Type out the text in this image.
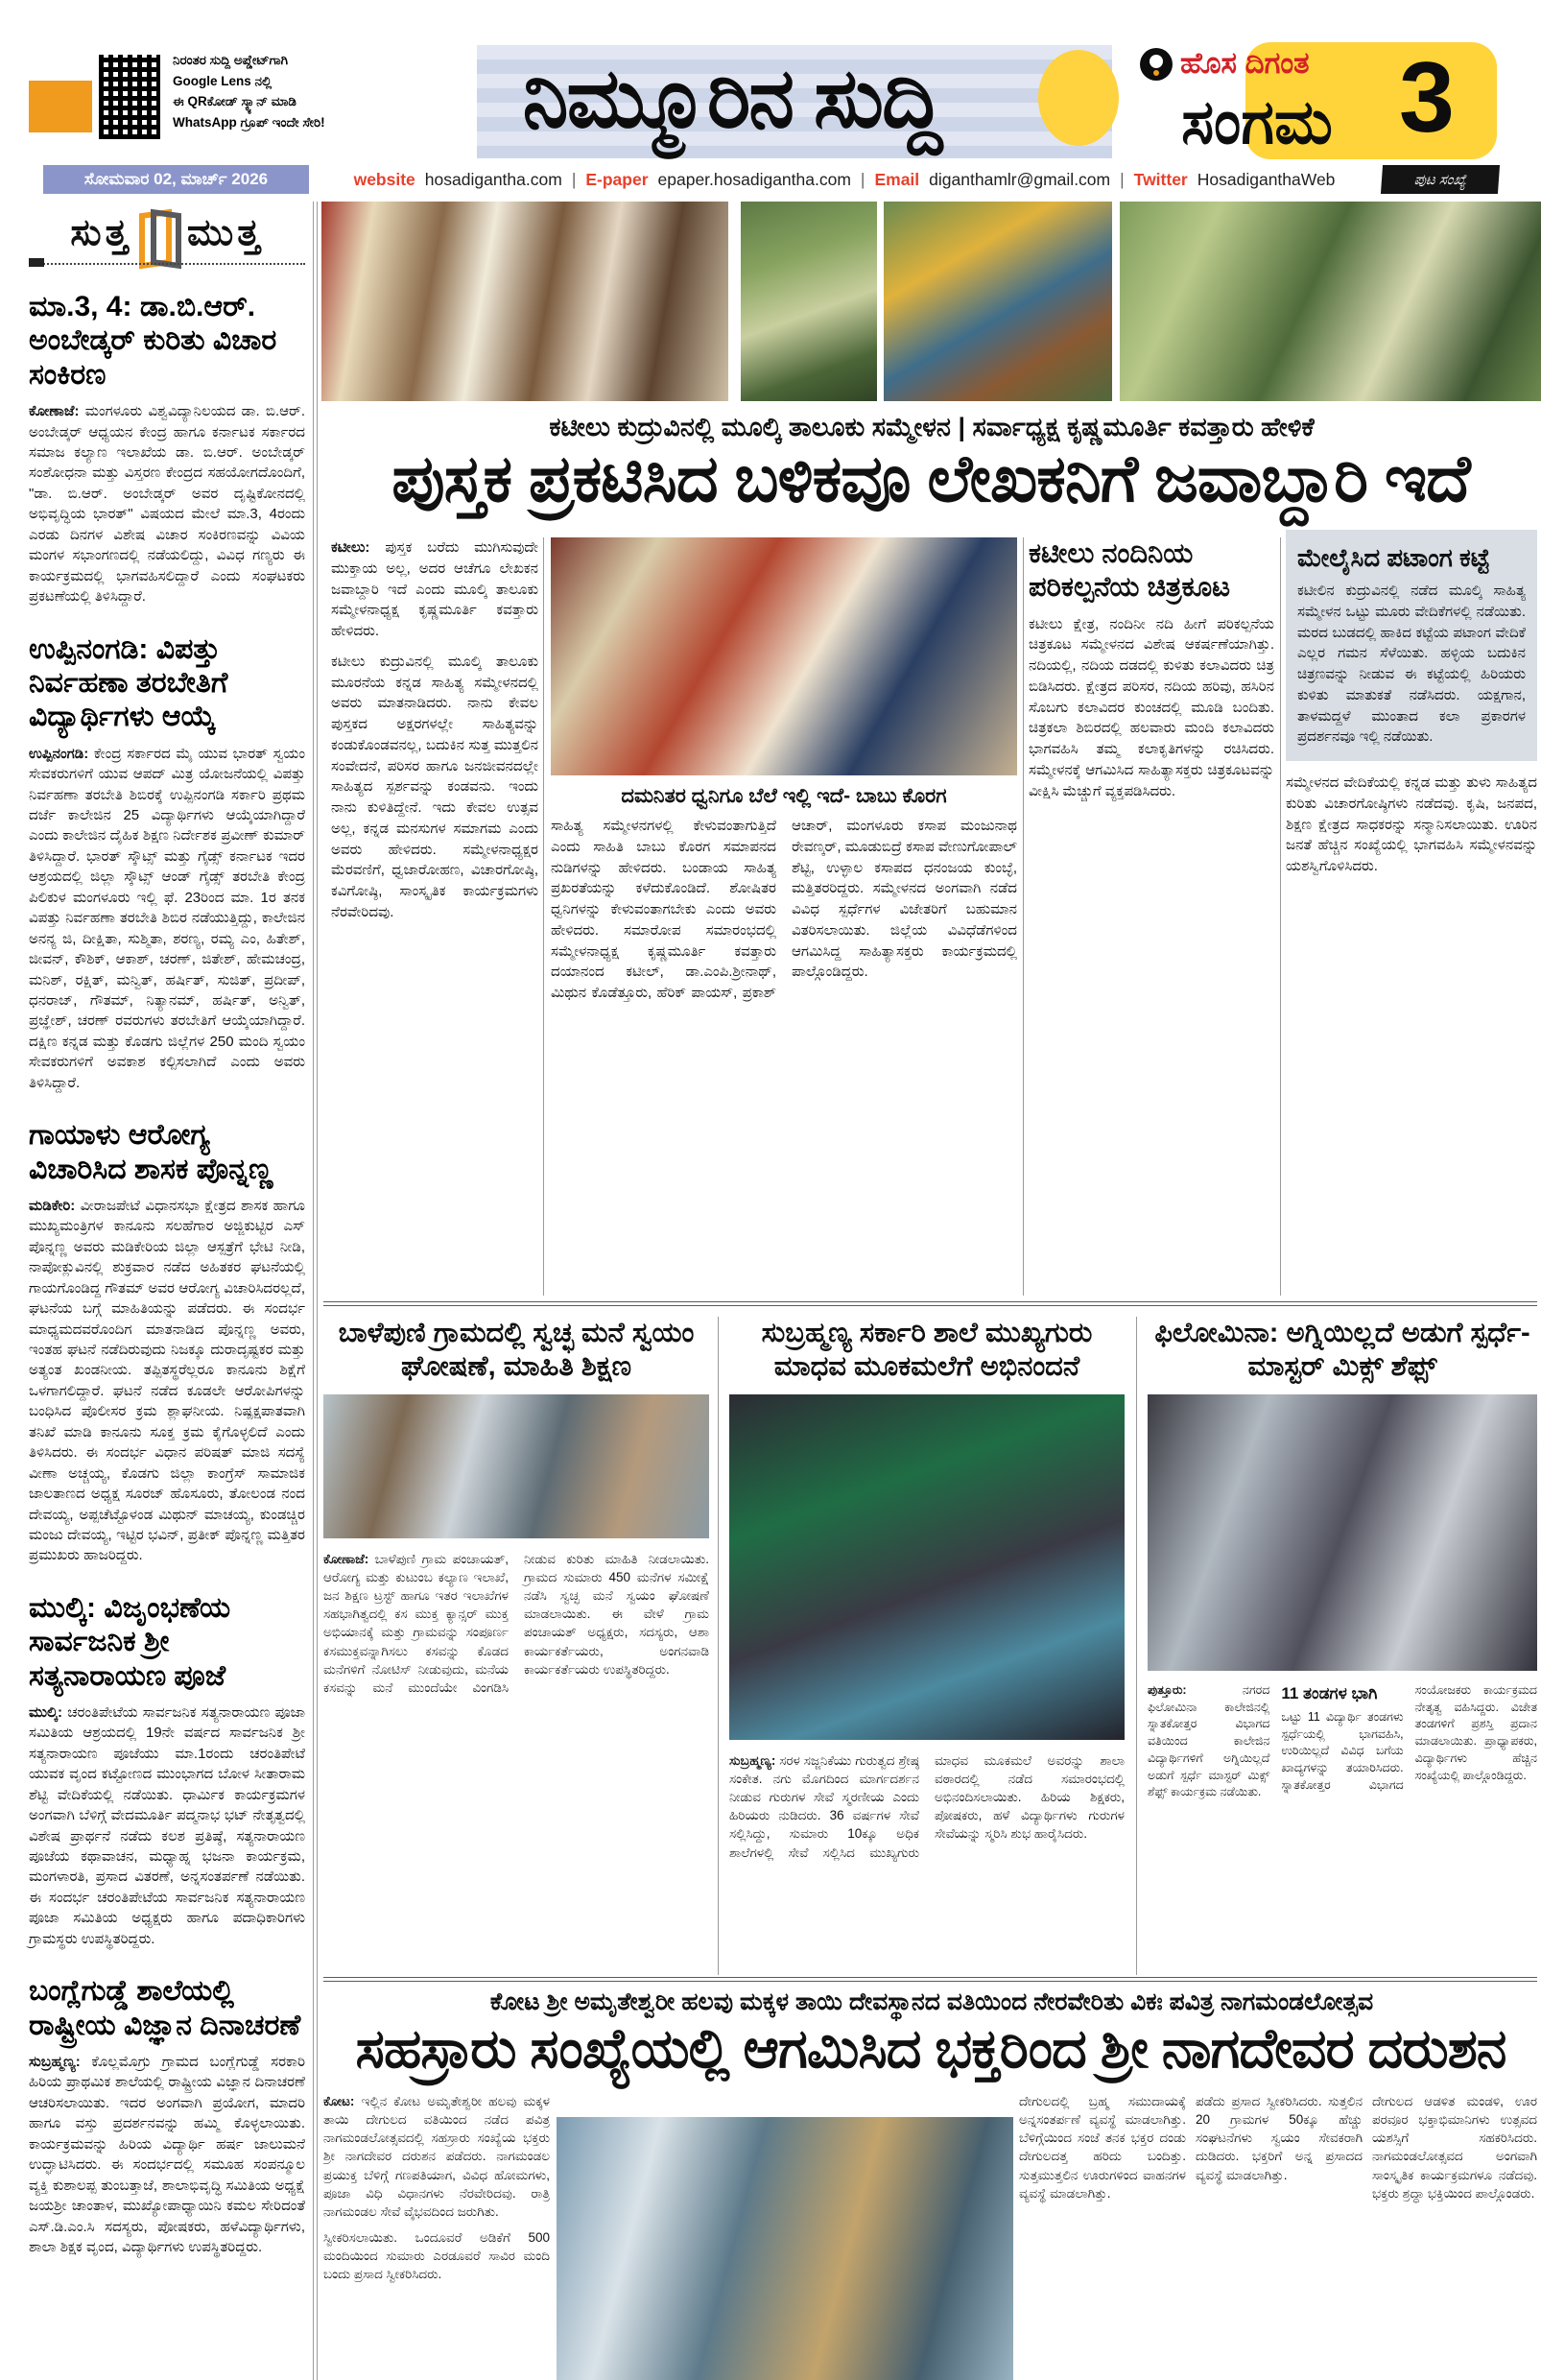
ನಿರಂತರ ಸುದ್ದಿ ಅಪ್ಡೇಟ್‌ಗಾಗಿ
Google Lens ನಲ್ಲಿ
ಈ QRಕೋಡ್ ಸ್ಕ್ಯಾನ್ ಮಾಡಿ
WhatsApp ಗ್ರೂಪ್ ಇಂದೇ ಸೇರಿ!	ನಿಮ್ಮೂರಿನ ಸುದ್ದಿ	ಹೊಸ ದಿಗಂತ
ಸಂಗಮ 3
ಸೋಮವಾರ 02, ಮಾರ್ಚ್ 2026	website hosadigantha.com | E-paper epaper.hosadigantha.com | Email diganthamlr@gmail.com | Twitter HosadiganthaWeb	ಪುಟ ಸಂಖ್ಯೆ
ಸುತ್ತ ಮುತ್ತ
ಮಾ.3, 4: ಡಾ.ಬಿ.ಆರ್. ಅಂಬೇಡ್ಕರ್ ಕುರಿತು ವಿಚಾರ ಸಂಕಿರಣ
ಕೋಣಾಜೆ: ಮಂಗಳೂರು ವಿಶ್ವವಿದ್ಯಾನಿಲಯದ ಡಾ. ಬಿ.ಆರ್. ಅಂಬೇಡ್ಕರ್ ಆಧ್ಯಯನ ಕೇಂದ್ರ ಹಾಗೂ ಕರ್ನಾಟಕ ಸರ್ಕಾರದ ಸಮಾಜ ಕಲ್ಯಾಣ ಇಲಾಖೆಯ ಡಾ. ಬಿ.ಆರ್. ಅಂಬೇಡ್ಕರ್ ಸಂಶೋಧನಾ ಮತ್ತು ವಿಸ್ತರಣ ಕೇಂದ್ರದ ಸಹಯೋಗದೊಂದಿಗೆ, "ಡಾ. ಬಿ.ಆರ್. ಅಂಬೇಡ್ಕರ್ ಅವರ ದೃಷ್ಟಿಕೋನದಲ್ಲಿ ಅಭಿವೃದ್ಧಿಯ ಭಾರತ್" ವಿಷಯದ ಮೇಲೆ ಮಾ.3, 4ರಂದು ಎರಡು ದಿನಗಳ ವಿಶೇಷ ವಿಚಾರ ಸಂಕಿರಣವನ್ನು ವಿವಿಯ ಮಂಗಳ ಸಭಾಂಗಣದಲ್ಲಿ ನಡೆಯಲಿದ್ದು, ವಿವಿಧ ಗಣ್ಯರು ಈ ಕಾರ್ಯಕ್ರಮದಲ್ಲಿ ಭಾಗವಹಿಸಲಿದ್ದಾರೆ ಎಂದು ಸಂಘಟಕರು ಪ್ರಕಟಣೆಯಲ್ಲಿ ತಿಳಿಸಿದ್ದಾರೆ.
ಉಪ್ಪಿನಂಗಡಿ: ವಿಪತ್ತು ನಿರ್ವಹಣಾ ತರಬೇತಿಗೆ ವಿದ್ಯಾರ್ಥಿಗಳು ಆಯ್ಕೆ
ಉಪ್ಪಿನಂಗಡಿ: ಕೇಂದ್ರ ಸರ್ಕಾರದ ಮೈ ಯುವ ಭಾರತ್ ಸ್ವಯಂ ಸೇವಕರುಗಳಿಗೆ ಯುವ ಆಪದ್ ಮಿತ್ರ ಯೋಜನೆಯಲ್ಲಿ ವಿಪತ್ತು ನಿರ್ವಹಣಾ ತರಬೇತಿ ಶಿಬಿರಕ್ಕೆ ಉಪ್ಪಿನಂಗಡಿ ಸರ್ಕಾರಿ ಪ್ರಥಮ ದರ್ಜೆ ಕಾಲೇಜಿನ 25 ವಿದ್ಯಾರ್ಥಿಗಳು ಆಯ್ಕೆಯಾಗಿದ್ದಾರೆ ಎಂದು ಕಾಲೇಜಿನ ದೈಹಿಕ ಶಿಕ್ಷಣ ನಿರ್ದೇಶಕ ಪ್ರವೀಣ್ ಕುಮಾರ್ ತಿಳಿಸಿದ್ದಾರೆ. ಭಾರತ್ ಸ್ಕೌಟ್ಸ್ ಮತ್ತು ಗೈಡ್ಸ್ ಕರ್ನಾಟಕ ಇದರ ಆಶ್ರಯದಲ್ಲಿ ಜಿಲ್ಲಾ ಸ್ಕೌಟ್ಸ್ ಆಂಡ್ ಗೈಡ್ಸ್ ತರಬೇತಿ ಕೇಂದ್ರ ಪಿಲಿಕುಳ ಮಂಗಳೂರು ಇಲ್ಲಿ ಫೆ. 23ರಿಂದ ಮಾ. 1ರ ತನಕ ವಿಪತ್ತು ನಿರ್ವಹಣಾ ತರಬೇತಿ ಶಿಬಿರ ನಡೆಯುತ್ತಿದ್ದು, ಕಾಲೇಜಿನ ಅನನ್ಯ ಜಿ, ದೀಕ್ಷಿತಾ, ಸುಶ್ಮಿತಾ, ಶರಣ್ಯ, ರಮ್ಯ ಎಂ, ಹಿತೇಶ್, ಜೀವನ್, ಕೌಶಿಕ್, ಆಕಾಶ್, ಚರಣ್, ಜಿತೇಶ್, ಹೇಮಚಂದ್ರ, ಮನಿಶ್, ರಕ್ಷಿತ್, ಮನ್ವಿತ್, ಹರ್ಷಿತ್, ಸುಜಿತ್, ಪ್ರದೀಪ್, ಧನರಾಜ್, ಗೌತಮ್, ನಿತ್ಯಾನಮ್, ಹರ್ಷಿತ್, ಅನ್ವಿತ್, ಪ್ರಜ್ಞೇಶ್, ಚರಣ್ ರವರುಗಳು ತರಬೇತಿಗೆ ಆಯ್ಕೆಯಾಗಿದ್ದಾರೆ. ದಕ್ಷಿಣ ಕನ್ನಡ ಮತ್ತು ಕೊಡಗು ಜಿಲ್ಲೆಗಳ 250 ಮಂದಿ ಸ್ವಯಂ ಸೇವಕರುಗಳಿಗೆ ಅವಕಾಶ ಕಲ್ಪಿಸಲಾಗಿದೆ ಎಂದು ಅವರು ತಿಳಿಸಿದ್ದಾರೆ.
ಗಾಯಾಳು ಆರೋಗ್ಯ ವಿಚಾರಿಸಿದ ಶಾಸಕ ಪೊನ್ನಣ್ಣ
ಮಡಿಕೇರಿ: ವೀರಾಜಪೇಟೆ ವಿಧಾನಸಭಾ ಕ್ಷೇತ್ರದ ಶಾಸಕ ಹಾಗೂ ಮುಖ್ಯಮಂತ್ರಿಗಳ ಕಾನೂನು ಸಲಹೆಗಾರ ಅಜ್ಜಿಕುಟ್ಟಿರ ಎಸ್ ಪೊನ್ನಣ್ಣ ಅವರು ಮಡಿಕೇರಿಯ ಜಿಲ್ಲಾ ಆಸ್ಪತ್ರೆಗೆ ಭೇಟಿ ನೀಡಿ, ನಾಪೋಕ್ಲುವಿನಲ್ಲಿ ಶುಕ್ರವಾರ ನಡೆದ ಅಹಿತಕರ ಘಟನೆಯಲ್ಲಿ ಗಾಯಗೊಂಡಿದ್ದ ಗೌತಮ್ ಅವರ ಆರೋಗ್ಯ ವಿಚಾರಿಸಿದರಲ್ಲದೆ, ಘಟನೆಯ ಬಗ್ಗೆ ಮಾಹಿತಿಯನ್ನು ಪಡೆದರು. ಈ ಸಂದರ್ಭ ಮಾಧ್ಯಮದವರೊಂದಿಗ ಮಾತನಾಡಿದ ಪೊನ್ನಣ್ಣ ಅವರು, ಇಂತಹ ಘಟನೆ ನಡೆದಿರುವುದು ನಿಜಕ್ಕೂ ದುರಾದೃಷ್ಟಕರ ಮತ್ತು ಅತ್ಯಂತ ಖಂಡನೀಯ. ತಪ್ಪಿತಸ್ಥರೆಲ್ಲರೂ ಕಾನೂನು ಶಿಕ್ಷೆಗೆ ಒಳಗಾಗಲಿದ್ದಾರೆ. ಘಟನೆ ನಡೆದ ಕೂಡಲೇ ಆರೋಪಿಗಳನ್ನು ಬಂಧಿಸಿದ ಪೊಲೀಸರ ಕ್ರಮ ಶ್ಲಾಘನೀಯ. ನಿಷ್ಪಕ್ಷಪಾತವಾಗಿ ತನಿಖೆ ಮಾಡಿ ಕಾನೂನು ಸೂಕ್ತ ಕ್ರಮ ಕೈಗೊಳ್ಳಲಿದೆ ಎಂದು ತಿಳಿಸಿದರು. ಈ ಸಂದರ್ಭ ವಿಧಾನ ಪರಿಷತ್ ಮಾಜಿ ಸದಸ್ಯೆ ವೀಣಾ ಅಚ್ಚಯ್ಯ, ಕೊಡಗು ಜಿಲ್ಲಾ ಕಾಂಗ್ರೆಸ್ ಸಾಮಾಜಿಕ ಜಾಲತಾಣದ ಅಧ್ಯಕ್ಷ ಸೂರಜ್ ಹೊಸೂರು, ತೋಲಂಡ ನಂದ ದೇವಯ್ಯ, ಅಪ್ಪಚೆಟ್ಟೊಳಂಡ ಮಿಥುನ್ ಮಾಚಯ್ಯ, ಕುಂಡಚ್ಚಿರ ಮಂಜು ದೇವಯ್ಯ, ಇಟ್ಟಿರ ಭವಿನ್, ಪ್ರತೀಕ್ ಪೊನ್ನಣ್ಣ ಮತ್ತಿತರ ಪ್ರಮುಖರು ಹಾಜರಿದ್ದರು.
ಮುಲ್ಕಿ: ವಿಜೃಂಭಣೆಯ ಸಾರ್ವಜನಿಕ ಶ್ರೀ ಸತ್ಯನಾರಾಯಣ ಪೂಜೆ
ಮುಲ್ಕಿ: ಚರಂತಿಪೇಟೆಯ ಸಾರ್ವಜನಿಕ ಸತ್ಯನಾರಾಯಣ ಪೂಜಾ ಸಮಿತಿಯ ಆಶ್ರಯದಲ್ಲಿ 19ನೇ ವರ್ಷದ ಸಾರ್ವಜನಿಕ ಶ್ರೀ ಸತ್ಯನಾರಾಯಣ ಪೂಜೆಯು ಮಾ.1ರಂದು ಚರಂತಿಪೇಟೆ ಯುವಕ ವೃಂದ ಕಟ್ಟೋಣದ ಮುಂಭಾಗದ ಬೋಳ ಸೀತಾರಾಮ ಶೆಟ್ಟಿ ವೇದಿಕೆಯಲ್ಲಿ ನಡೆಯಿತು. ಧಾರ್ಮಿಕ ಕಾರ್ಯಕ್ರಮಗಳ ಅಂಗವಾಗಿ ಬೆಳಿಗ್ಗೆ ವೇದಮೂರ್ತಿ ಪದ್ಮನಾಭ ಭಟ್ ನೇತೃತ್ವದಲ್ಲಿ ವಿಶೇಷ ಪ್ರಾರ್ಥನೆ ನಡೆದು ಕಲಶ ಪ್ರತಿಷ್ಠೆ, ಸತ್ಯನಾರಾಯಣ ಪೂಜೆಯ ಕಥಾವಾಚನ, ಮಧ್ಯಾಹ್ನ ಭಜನಾ ಕಾರ್ಯಕ್ರಮ, ಮಂಗಳಾರತಿ, ಪ್ರಸಾದ ವಿತರಣೆ, ಅನ್ನಸಂತರ್ಪಣೆ ನಡೆಯಿತು. ಈ ಸಂದರ್ಭ ಚರಂತಿಪೇಟೆಯ ಸಾರ್ವಜನಿಕ ಸತ್ಯನಾರಾಯಣ ಪೂಜಾ ಸಮಿತಿಯ ಅಧ್ಯಕ್ಷರು ಹಾಗೂ ಪದಾಧಿಕಾರಿಗಳು ಗ್ರಾಮಸ್ಥರು ಉಪಸ್ಥಿತರಿದ್ದರು.
ಬಂಗ್ಲೆಗುಡ್ಡೆ ಶಾಲೆಯಲ್ಲಿ ರಾಷ್ಟ್ರೀಯ ವಿಜ್ಞಾನ ದಿನಾಚರಣೆ
ಸುಬ್ರಹ್ಮಣ್ಯ: ಕೊಲ್ಲಮೊಗ್ರು ಗ್ರಾಮದ ಬಂಗ್ಲೆಗುಡ್ಡೆ ಸರಕಾರಿ ಹಿರಿಯ ಪ್ರಾಥಮಿಕ ಶಾಲೆಯಲ್ಲಿ ರಾಷ್ಟ್ರೀಯ ವಿಜ್ಞಾನ ದಿನಾಚರಣೆ ಆಚರಿಸಲಾಯಿತು. ಇದರ ಅಂಗವಾಗಿ ಪ್ರಯೋಗ, ಮಾದರಿ ಹಾಗೂ ವಸ್ತು ಪ್ರದರ್ಶನವನ್ನು ಹಮ್ಮಿ ಕೊಳ್ಳಲಾಯಿತು. ಕಾರ್ಯಕ್ರಮವನ್ನು ಹಿರಿಯ ವಿದ್ಯಾರ್ಥಿ ಹರ್ಷ ಜಾಲುಮನೆ ಉದ್ಘಾಟಿಸಿದರು. ಈ ಸಂದರ್ಭದಲ್ಲಿ ಸಮೂಹ ಸಂಪನ್ಮೂಲ ವ್ಯಕ್ತಿ ಕುಶಾಲಪ್ಪ ತುಂಬತ್ತಾಜೆ, ಶಾಲಾಭಿವೃದ್ಧಿ ಸಮಿತಿಯ ಅಧ್ಯಕ್ಷೆ ಜಯಶ್ರೀ ಚಾಂತಾಳ, ಮುಖ್ಯೋಪಾಧ್ಯಾಯಿನಿ ಕಮಲ ಸೇರಿದಂತೆ ಎಸ್.ಡಿ.ಎಂ.ಸಿ ಸದಸ್ಯರು, ಪೋಷಕರು, ಹಳೆವಿದ್ಯಾರ್ಥಿಗಳು, ಶಾಲಾ ಶಿಕ್ಷಕ ವೃಂದ, ವಿದ್ಯಾರ್ಥಿಗಳು ಉಪಸ್ಥಿತರಿದ್ದರು.
ಕಟೀಲು ಕುದ್ರುವಿನಲ್ಲಿ ಮೂಲ್ಕಿ ತಾಲೂಕು ಸಮ್ಮೇಳನ | ಸರ್ವಾಧ್ಯಕ್ಷ ಕೃಷ್ಣಮೂರ್ತಿ ಕವತ್ತಾರು ಹೇಳಿಕೆ
ಪುಸ್ತಕ ಪ್ರಕಟಿಸಿದ ಬಳಿಕವೂ ಲೇಖಕನಿಗೆ ಜವಾಬ್ದಾರಿ ಇದೆ
ಕಟೀಲು: ಪುಸ್ತಕ ಬರೆದು ಮುಗಿಸುವುದೇ ಮುಕ್ತಾಯ ಅಲ್ಲ, ಅದರ ಆಚೆಗೂ ಲೇಖಕನ ಜವಾಬ್ದಾರಿ ಇದೆ ಎಂದು ಮೂಲ್ಕಿ ತಾಲೂಕು ಸಮ್ಮೇಳನಾಧ್ಯಕ್ಷ ಕೃಷ್ಣಮೂರ್ತಿ ಕವತ್ತಾರು ಹೇಳಿದರು.
ಕಟೀಲು ಕುದ್ರುವಿನಲ್ಲಿ ಮೂಲ್ಕಿ ತಾಲೂಕು ಮೂರನೆಯ ಕನ್ನಡ ಸಾಹಿತ್ಯ ಸಮ್ಮೇಳನದಲ್ಲಿ ಅವರು ಮಾತನಾಡಿದರು. ನಾನು ಕೇವಲ ಪುಸ್ತಕದ ಅಕ್ಷರಗಳಲ್ಲೇ ಸಾಹಿತ್ಯವನ್ನು ಕಂಡುಕೊಂಡವನಲ್ಲ, ಬದುಕಿನ ಸುತ್ತ ಮುತ್ತಲಿನ ಸಂವೇದನೆ, ಪರಿಸರ ಹಾಗೂ ಜನಜೀವನದಲ್ಲೇ ಸಾಹಿತ್ಯದ ಸ್ಪರ್ಶವನ್ನು ಕಂಡವನು. ಇಂದು ನಾನು ಕುಳಿತಿದ್ದೇನೆ. ಇದು ಕೇವಲ ಉತ್ಸವ ಅಲ್ಲ, ಕನ್ನಡ ಮನಸುಗಳ ಸಮಾಗಮ ಎಂದು ಅವರು ಹೇಳಿದರು. ಸಮ್ಮೇಳನಾಧ್ಯಕ್ಷರ ಮೆರವಣಿಗೆ, ಧ್ವಜಾರೋಹಣ, ವಿಚಾರಗೋಷ್ಠಿ, ಕವಿಗೋಷ್ಠಿ, ಸಾಂಸ್ಕೃತಿಕ ಕಾರ್ಯಕ್ರಮಗಳು ನೆರವೇರಿದವು.
ದಮನಿತರ ಧ್ವನಿಗೂ ಬೆಲೆ ಇಲ್ಲಿ ಇದೆ- ಬಾಬು ಕೊರಗ
ಸಾಹಿತ್ಯ ಸಮ್ಮೇಳನಗಳಲ್ಲಿ ಕೇಳುವಂತಾಗುತ್ತಿದೆ ಎಂದು ಸಾಹಿತಿ ಬಾಬು ಕೊರಗ ಸಮಾಪನದ ನುಡಿಗಳನ್ನು ಹೇಳಿದರು. ಬಂಡಾಯ ಸಾಹಿತ್ಯ ಪ್ರಖರತೆಯನ್ನು ಕಳೆದುಕೊಂಡಿದೆ. ಶೋಷಿತರ ಧ್ವನಿಗಳನ್ನು ಕೇಳುವಂತಾಗಬೇಕು ಎಂದು ಅವರು ಹೇಳಿದರು. ಸಮಾರೋಪ ಸಮಾರಂಭದಲ್ಲಿ ಸಮ್ಮೇಳನಾಧ್ಯಕ್ಷ ಕೃಷ್ಣಮೂರ್ತಿ ಕವತ್ತಾರು ದಯಾನಂದ ಕಟೀಲ್, ಡಾ.ಎಂಪಿ.ಶ್ರೀನಾಥ್, ಮಿಥುನ ಕೊಡೆತ್ತೂರು, ಹೆರಿಕ್ ಪಾಯಸ್, ಪ್ರಕಾಶ್ ಆಚಾರ್, ಮಂಗಳೂರು ಕಸಾಪ ಮಂಜುನಾಥ ರೇವಣ್ಕರ್, ಮೂಡುಬಿದ್ರೆ ಕಸಾಪ ವೇಣುಗೋಪಾಲ್ ಶೆಟ್ಟಿ, ಉಳ್ಳಾಲ ಕಸಾಪದ ಧನಂಜಯ ಕುಂಬ್ಳೆ, ಮತ್ತಿತರರಿದ್ದರು. ಸಮ್ಮೇಳನದ ಅಂಗವಾಗಿ ನಡೆದ ವಿವಿಧ ಸ್ಪರ್ಧೆಗಳ ವಿಜೇತರಿಗೆ ಬಹುಮಾನ ವಿತರಿಸಲಾಯಿತು. ಜಿಲ್ಲೆಯ ವಿವಿಧೆಡೆಗಳಿಂದ ಆಗಮಿಸಿದ್ದ ಸಾಹಿತ್ಯಾಸಕ್ತರು ಕಾರ್ಯಕ್ರಮದಲ್ಲಿ ಪಾಲ್ಗೊಂಡಿದ್ದರು.
ಕಟೀಲು ನಂದಿನಿಯ ಪರಿಕಲ್ಪನೆಯ ಚಿತ್ರಕೂಟ
ಕಟೀಲು ಕ್ಷೇತ್ರ, ನಂದಿನೀ ನದಿ ಹೀಗೆ ಪರಿಕಲ್ಪನೆಯ ಚಿತ್ರಕೂಟ ಸಮ್ಮೇಳನದ ವಿಶೇಷ ಆಕರ್ಷಣೆಯಾಗಿತ್ತು. ನದಿಯಲ್ಲಿ, ನದಿಯ ದಡದಲ್ಲಿ ಕುಳಿತು ಕಲಾವಿದರು ಚಿತ್ರ ಬಿಡಿಸಿದರು. ಕ್ಷೇತ್ರದ ಪರಿಸರ, ನದಿಯ ಹರಿವು, ಹಸಿರಿನ ಸೊಬಗು ಕಲಾವಿದರ ಕುಂಚದಲ್ಲಿ ಮೂಡಿ ಬಂದಿತು. ಚಿತ್ರಕಲಾ ಶಿಬಿರದಲ್ಲಿ ಹಲವಾರು ಮಂದಿ ಕಲಾವಿದರು ಭಾಗವಹಿಸಿ ತಮ್ಮ ಕಲಾಕೃತಿಗಳನ್ನು ರಚಿಸಿದರು. ಸಮ್ಮೇಳನಕ್ಕೆ ಆಗಮಿಸಿದ ಸಾಹಿತ್ಯಾಸಕ್ತರು ಚಿತ್ರಕೂಟವನ್ನು ವೀಕ್ಷಿಸಿ ಮೆಚ್ಚುಗೆ ವ್ಯಕ್ತಪಡಿಸಿದರು.
ಮೇಲೈಸಿದ ಪಟಾಂಗ ಕಟ್ಟೆ
ಕಟೀಲಿನ ಕುದ್ರುವಿನಲ್ಲಿ ನಡೆದ ಮೂಲ್ಕಿ ಸಾಹಿತ್ಯ ಸಮ್ಮೇಳನ ಒಟ್ಟು ಮೂರು ವೇದಿಕೆಗಳಲ್ಲಿ ನಡೆಯಿತು. ಮರದ ಬುಡದಲ್ಲಿ ಹಾಕಿದ ಕಟ್ಟೆಯ ಪಟಾಂಗ ವೇದಿಕೆ ಎಲ್ಲರ ಗಮನ ಸೆಳೆಯಿತು. ಹಳ್ಳಿಯ ಬದುಕಿನ ಚಿತ್ರಣವನ್ನು ನೀಡುವ ಈ ಕಟ್ಟೆಯಲ್ಲಿ ಹಿರಿಯರು ಕುಳಿತು ಮಾತುಕತೆ ನಡೆಸಿದರು. ಯಕ್ಷಗಾನ, ತಾಳಮದ್ದಳೆ ಮುಂತಾದ ಕಲಾ ಪ್ರಕಾರಗಳ ಪ್ರದರ್ಶನವೂ ಇಲ್ಲಿ ನಡೆಯಿತು.
ಸಮ್ಮೇಳನದ ವೇದಿಕೆಯಲ್ಲಿ ಕನ್ನಡ ಮತ್ತು ತುಳು ಸಾಹಿತ್ಯದ ಕುರಿತು ವಿಚಾರಗೋಷ್ಠಿಗಳು ನಡೆದವು. ಕೃಷಿ, ಜನಪದ, ಶಿಕ್ಷಣ ಕ್ಷೇತ್ರದ ಸಾಧಕರನ್ನು ಸನ್ಮಾನಿಸಲಾಯಿತು. ಊರಿನ ಜನತೆ ಹೆಚ್ಚಿನ ಸಂಖ್ಯೆಯಲ್ಲಿ ಭಾಗವಹಿಸಿ ಸಮ್ಮೇಳನವನ್ನು ಯಶಸ್ವಿಗೊಳಿಸಿದರು.
ಬಾಳೆಪುಣಿ ಗ್ರಾಮದಲ್ಲಿ ಸ್ವಚ್ಛ ಮನೆ ಸ್ವಯಂ ಘೋಷಣೆ, ಮಾಹಿತಿ ಶಿಕ್ಷಣ
ಕೋಣಾಜೆ: ಬಾಳೆಪುಣಿ ಗ್ರಾಮ ಪಂಚಾಯತ್, ಆರೋಗ್ಯ ಮತ್ತು ಕುಟುಂಬ ಕಲ್ಯಾಣ ಇಲಾಖೆ, ಜನ ಶಿಕ್ಷಣ ಟ್ರಸ್ಟ್ ಹಾಗೂ ಇತರ ಇಲಾಖೆಗಳ ಸಹಭಾಗಿತ್ವದಲ್ಲಿ ಕಸ ಮುಕ್ತ ಕ್ಯಾನ್ಸರ್ ಮುಕ್ತ ಅಭಿಯಾನಕ್ಕೆ ಮತ್ತು ಗ್ರಾಮವನ್ನು ಸಂಪೂರ್ಣ ಕಸಮುಕ್ತವನ್ನಾಗಿಸಲು ಕಸವನ್ನು ಕೊಡದ ಮನೆಗಳಿಗೆ ನೋಟಿಸ್ ನೀಡುವುದು, ಮನೆಯ ಕಸವನ್ನು ಮನೆ ಮುಂದೆಯೇ ವಿಂಗಡಿಸಿ ನೀಡುವ ಕುರಿತು ಮಾಹಿತಿ ನೀಡಲಾಯಿತು. ಗ್ರಾಮದ ಸುಮಾರು 450 ಮನೆಗಳ ಸಮೀಕ್ಷೆ ನಡೆಸಿ ಸ್ವಚ್ಛ ಮನೆ ಸ್ವಯಂ ಘೋಷಣೆ ಮಾಡಲಾಯಿತು. ಈ ವೇಳೆ ಗ್ರಾಮ ಪಂಚಾಯತ್ ಅಧ್ಯಕ್ಷರು, ಸದಸ್ಯರು, ಆಶಾ ಕಾರ್ಯಕರ್ತೆಯರು, ಅಂಗನವಾಡಿ ಕಾರ್ಯಕರ್ತೆಯರು ಉಪಸ್ಥಿತರಿದ್ದರು.
ಸುಬ್ರಹ್ಮಣ್ಯ ಸರ್ಕಾರಿ ಶಾಲೆ ಮುಖ್ಯಗುರು ಮಾಧವ ಮೂಕಮಲೆಗೆ ಅಭಿನಂದನೆ
ಸುಬ್ರಹ್ಮಣ್ಯ: ಸರಳ ಸಜ್ಜನಿಕೆಯು ಗುರುತ್ವದ ಶ್ರೇಷ್ಠ ಸಂಕೇತ. ನಗು ಮೊಗದಿಂದ ಮಾರ್ಗದರ್ಶನ ನೀಡುವ ಗುರುಗಳ ಸೇವೆ ಸ್ಮರಣೀಯ ಎಂದು ಹಿರಿಯರು ನುಡಿದರು. 36 ವರ್ಷಗಳ ಸೇವೆ ಸಲ್ಲಿಸಿದ್ದು, ಸುಮಾರು 10ಕ್ಕೂ ಅಧಿಕ ಶಾಲೆಗಳಲ್ಲಿ ಸೇವೆ ಸಲ್ಲಿಸಿದ ಮುಖ್ಯಗುರು ಮಾಧವ ಮೂಕಮಲೆ ಅವರನ್ನು ಶಾಲಾ ವಠಾರದಲ್ಲಿ ನಡೆದ ಸಮಾರಂಭದಲ್ಲಿ ಅಭಿನಂದಿಸಲಾಯಿತು. ಹಿರಿಯ ಶಿಕ್ಷಕರು, ಪೋಷಕರು, ಹಳೆ ವಿದ್ಯಾರ್ಥಿಗಳು ಗುರುಗಳ ಸೇವೆಯನ್ನು ಸ್ಮರಿಸಿ ಶುಭ ಹಾರೈಸಿದರು.
ಫಿಲೋಮಿನಾ: ಅಗ್ನಿಯಿಲ್ಲದೆ ಅಡುಗೆ ಸ್ಪರ್ಧೆ-ಮಾಸ್ಟರ್ ಮಿಕ್ಸ್ ಶೆಫ್ಸ್
ಪುತ್ತೂರು: ನಗರದ ಫಿಲೋಮಿನಾ ಕಾಲೇಜಿನಲ್ಲಿ ಸ್ನಾತಕೋತ್ತರ ವಿಭಾಗದ ವತಿಯಿಂದ ಕಾಲೇಜಿನ ವಿದ್ಯಾರ್ಥಿಗಳಿಗೆ ಅಗ್ನಿಯಿಲ್ಲದೆ ಅಡುಗೆ ಸ್ಪರ್ಧೆ ಮಾಸ್ಟರ್ ಮಿಕ್ಸ್ ಶೆಫ್ಸ್ ಕಾರ್ಯಕ್ರಮ ನಡೆಯಿತು.
11 ತಂಡಗಳ ಭಾಗಿ
ಒಟ್ಟು 11 ವಿದ್ಯಾರ್ಥಿ ತಂಡಗಳು ಸ್ಪರ್ಧೆಯಲ್ಲಿ ಭಾಗವಹಿಸಿ, ಉರಿಯಿಲ್ಲದೆ ವಿವಿಧ ಬಗೆಯ ಖಾದ್ಯಗಳನ್ನು ತಯಾರಿಸಿದರು. ಸ್ನಾತಕೋತ್ತರ ವಿಭಾಗದ ಸಂಯೋಜಕರು ಕಾರ್ಯಕ್ರಮದ ನೇತೃತ್ವ ವಹಿಸಿದ್ದರು. ವಿಜೇತ ತಂಡಗಳಿಗೆ ಪ್ರಶಸ್ತಿ ಪ್ರದಾನ ಮಾಡಲಾಯಿತು. ಪ್ರಾಧ್ಯಾಪಕರು, ವಿದ್ಯಾರ್ಥಿಗಳು ಹೆಚ್ಚಿನ ಸಂಖ್ಯೆಯಲ್ಲಿ ಪಾಲ್ಗೊಂಡಿದ್ದರು.
ಕೋಟ ಶ್ರೀ ಅಮೃತೇಶ್ವರೀ ಹಲವು ಮಕ್ಕಳ ತಾಯಿ ದೇವಸ್ಥಾನದ ವತಿಯಿಂದ ನೇರವೇರಿತು ವಿಕಃ ಪವಿತ್ರ ನಾಗಮಂಡಲೋತ್ಸವ
ಸಹಸ್ರಾರು ಸಂಖ್ಯೆಯಲ್ಲಿ ಆಗಮಿಸಿದ ಭಕ್ತರಿಂದ ಶ್ರೀ ನಾಗದೇವರ ದರುಶನ
ಕೋಟ: ಇಲ್ಲಿನ ಕೋಟ ಅಮೃತೇಶ್ವರೀ ಹಲವು ಮಕ್ಕಳ ತಾಯಿ ದೇಗುಲದ ವತಿಯಿಂದ ನಡೆದ ಪವಿತ್ರ ನಾಗಮಂಡಲೋತ್ಸವದಲ್ಲಿ ಸಹಸ್ರಾರು ಸಂಖ್ಯೆಯ ಭಕ್ತರು ಶ್ರೀ ನಾಗದೇವರ ದರುಶನ ಪಡೆದರು. ನಾಗಮಂಡಲ ಪ್ರಯುಕ್ತ ಬೆಳಿಗ್ಗೆ ಗಣಪತಿಯಾಗ, ವಿವಿಧ ಹೋಮಗಳು, ಪೂಜಾ ವಿಧಿ ವಿಧಾನಗಳು ನೆರವೇರಿದವು. ರಾತ್ರಿ ನಾಗಮಂಡಲ ಸೇವೆ ವೈಭವದಿಂದ ಜರುಗಿತು.
ಸ್ವೀಕರಿಸಲಾಯಿತು. ಒಂದೂವರೆ ಅಡಿಕೆಗೆ 500 ಮಂದಿಯಿಂದ ಸುಮಾರು ಎರಡೂವರೆ ಸಾವಿರ ಮಂದಿ ಬಂದು ಪ್ರಸಾದ ಸ್ವೀಕರಿಸಿದರು.
ದೇಗುಲದಲ್ಲಿ ಬ್ರಹ್ಮ ಸಮುದಾಯಕ್ಕೆ ಅನ್ನಸಂತರ್ಪಣೆ ವ್ಯವಸ್ಥೆ ಮಾಡಲಾಗಿತ್ತು. ಬೆಳಿಗ್ಗೆಯಿಂದ ಸಂಜೆ ತನಕ ಭಕ್ತರ ದಂಡು ದೇಗುಲದತ್ತ ಹರಿದು ಬಂದಿತ್ತು. ಸುತ್ತಮುತ್ತಲಿನ ಊರುಗಳಿಂದ ವಾಹನಗಳ ವ್ಯವಸ್ಥೆ ಮಾಡಲಾಗಿತ್ತು.
ಪಡೆದು ಪ್ರಸಾದ ಸ್ವೀಕರಿಸಿದರು. ಸುತ್ತಲಿನ 20 ಗ್ರಾಮಗಳ 50ಕ್ಕೂ ಹೆಚ್ಚು ಸಂಘಟನೆಗಳು ಸ್ವಯಂ ಸೇವಕರಾಗಿ ದುಡಿದರು. ಭಕ್ತರಿಗೆ ಅನ್ನ ಪ್ರಸಾದದ ವ್ಯವಸ್ಥೆ ಮಾಡಲಾಗಿತ್ತು.
ದೇಗುಲದ ಆಡಳಿತ ಮಂಡಳಿ, ಊರ ಪರವೂರ ಭಕ್ತಾಭಿಮಾನಿಗಳು ಉತ್ಸವದ ಯಶಸ್ಸಿಗೆ ಸಹಕರಿಸಿದರು. ನಾಗಮಂಡಲೋತ್ಸವದ ಅಂಗವಾಗಿ ಸಾಂಸ್ಕೃತಿಕ ಕಾರ್ಯಕ್ರಮಗಳೂ ನಡೆದವು. ಭಕ್ತರು ಶ್ರದ್ಧಾ ಭಕ್ತಿಯಿಂದ ಪಾಲ್ಗೊಂಡರು.
